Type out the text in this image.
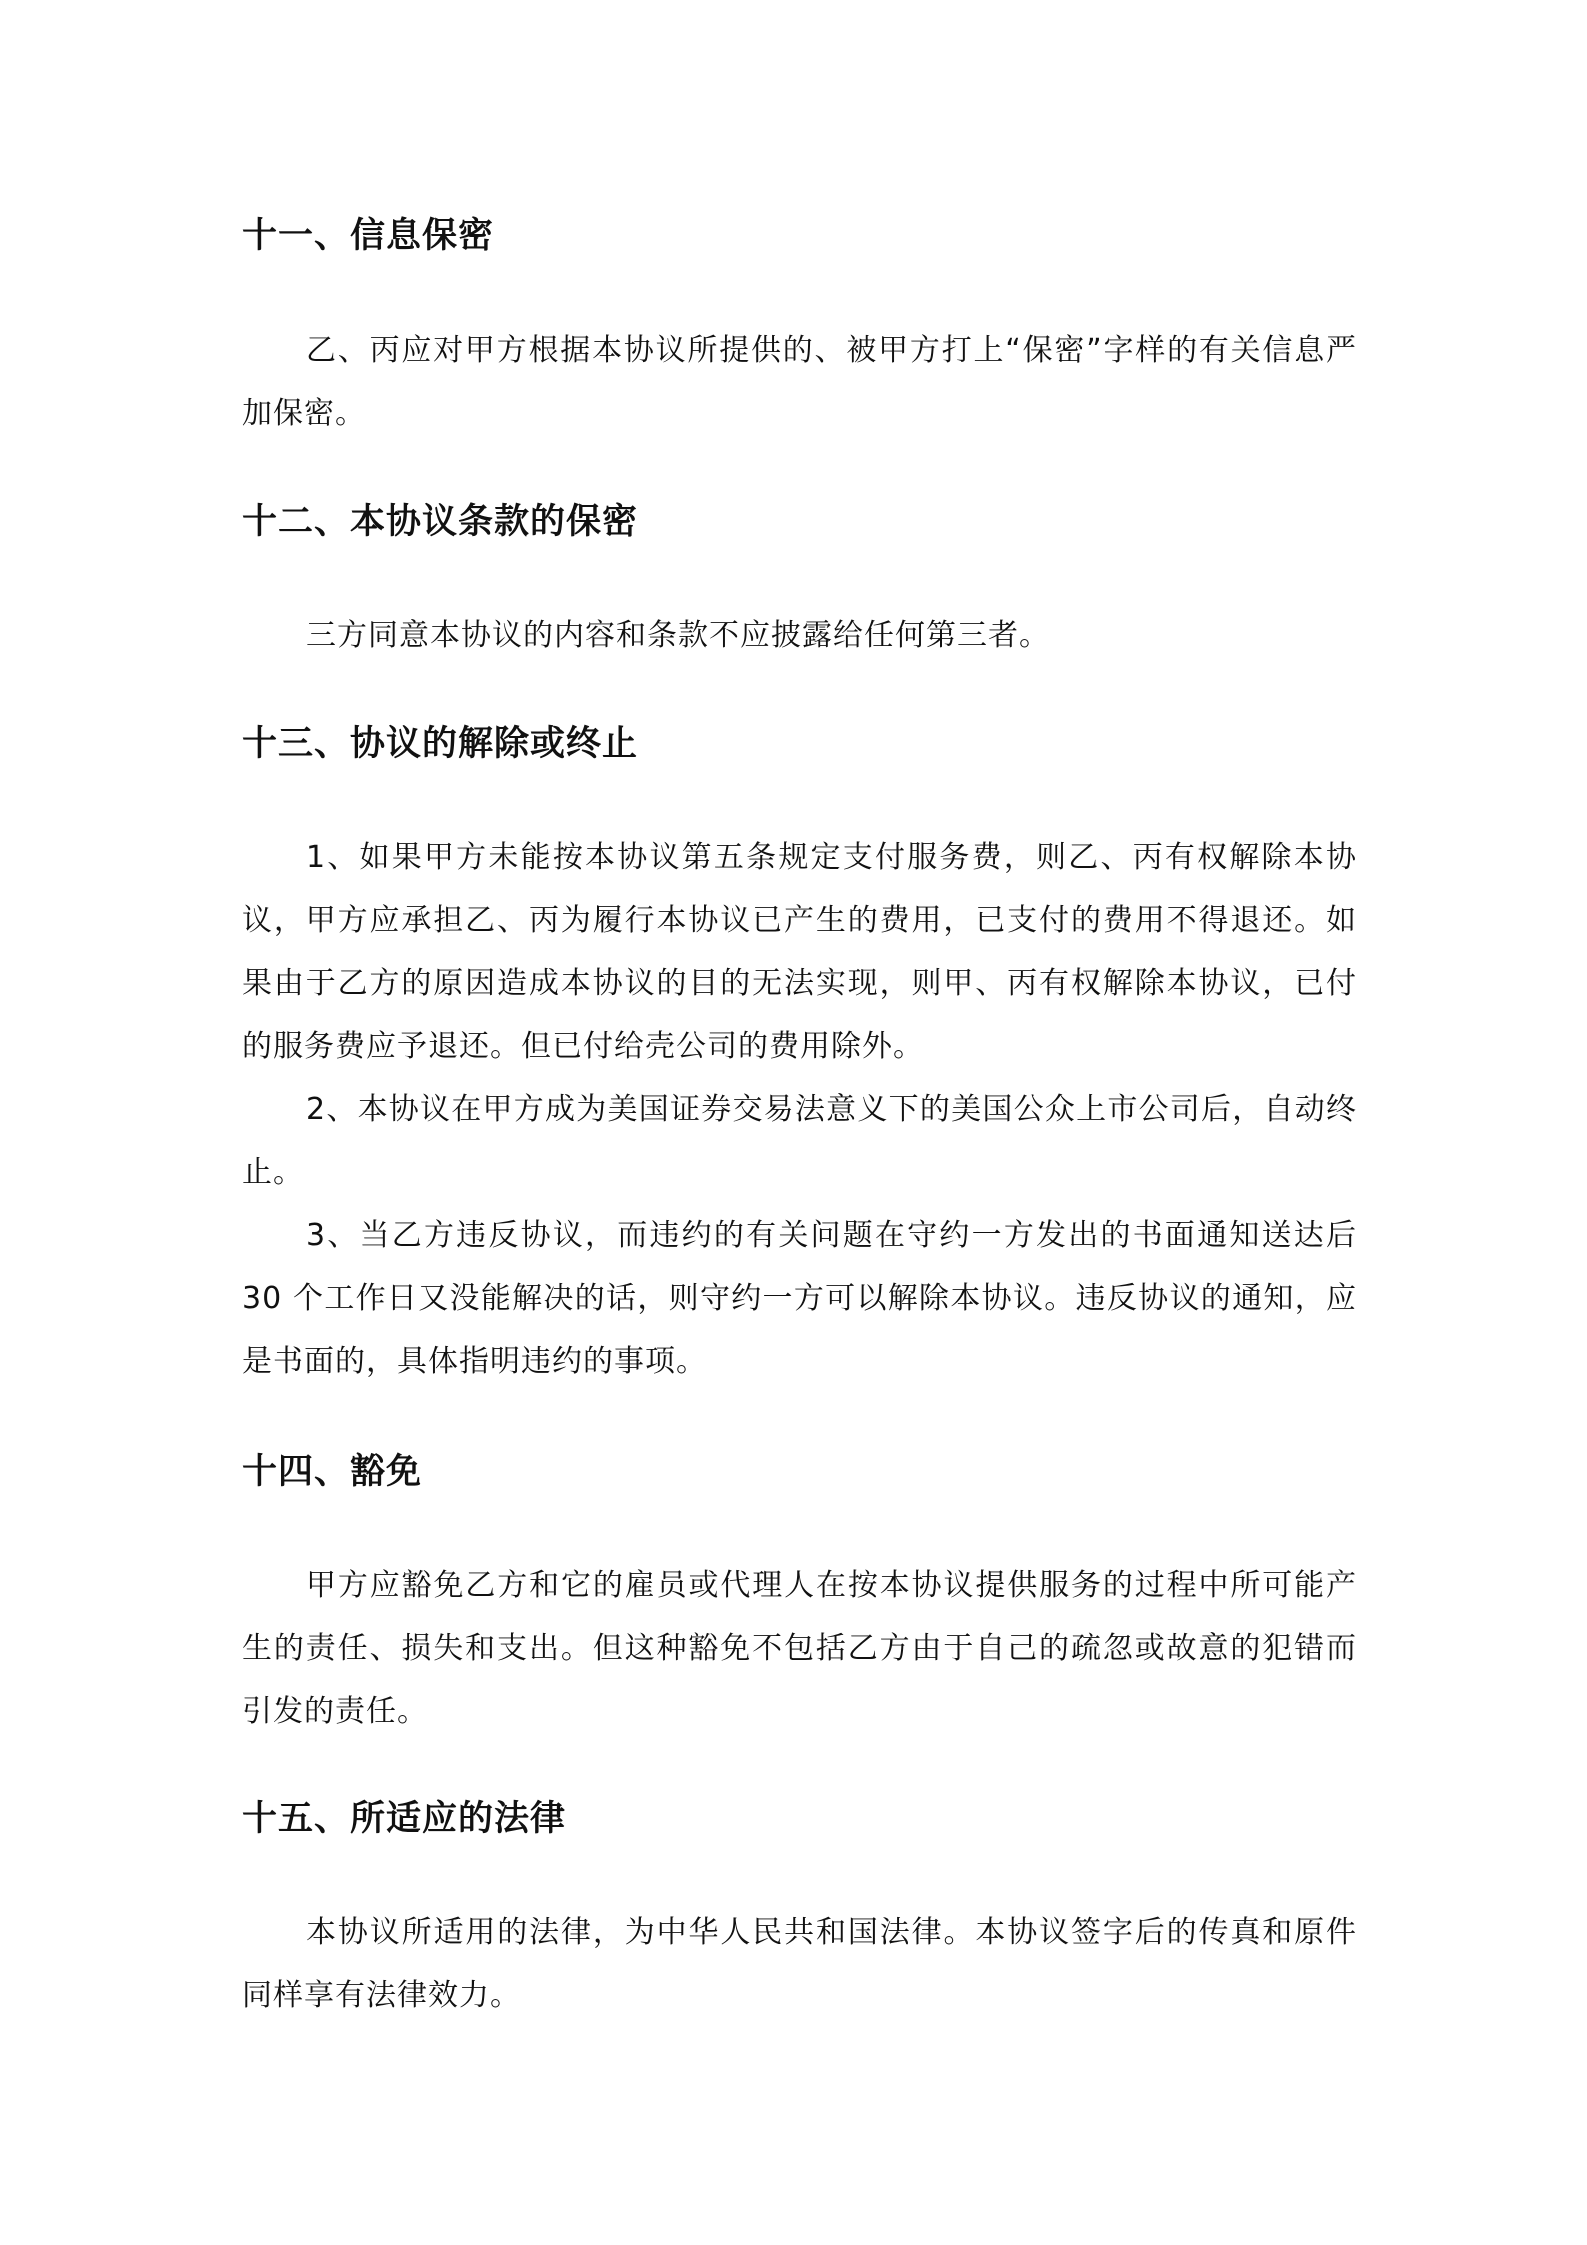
十一、信息保密

乙、丙应对甲方根据本协议所提供的、被甲方打上“保密”字样的有关信息严加保密。

十二、本协议条款的保密

三方同意本协议的内容和条款不应披露给任何第三者。

十三、协议的解除或终止

1、如果甲方未能按本协议第五条规定支付服务费，则乙、丙有权解除本协议，甲方应承担乙、丙为履行本协议已产生的费用，已支付的费用不得退还。如果由于乙方的原因造成本协议的目的无法实现，则甲、丙有权解除本协议，已付的服务费应予退还。但已付给壳公司的费用除外。

2、本协议在甲方成为美国证券交易法意义下的美国公众上市公司后，自动终止。

3、当乙方违反协议，而违约的有关问题在守约一方发出的书面通知送达后 30 个工作日又没能解决的话，则守约一方可以解除本协议。违反协议的通知，应是书面的，具体指明违约的事项。

十四、豁免

甲方应豁免乙方和它的雇员或代理人在按本协议提供服务的过程中所可能产生的责任、损失和支出。但这种豁免不包括乙方由于自己的疏忽或故意的犯错而引发的责任。

十五、所适应的法律

本协议所适用的法律，为中华人民共和国法律。本协议签字后的传真和原件同样享有法律效力。
